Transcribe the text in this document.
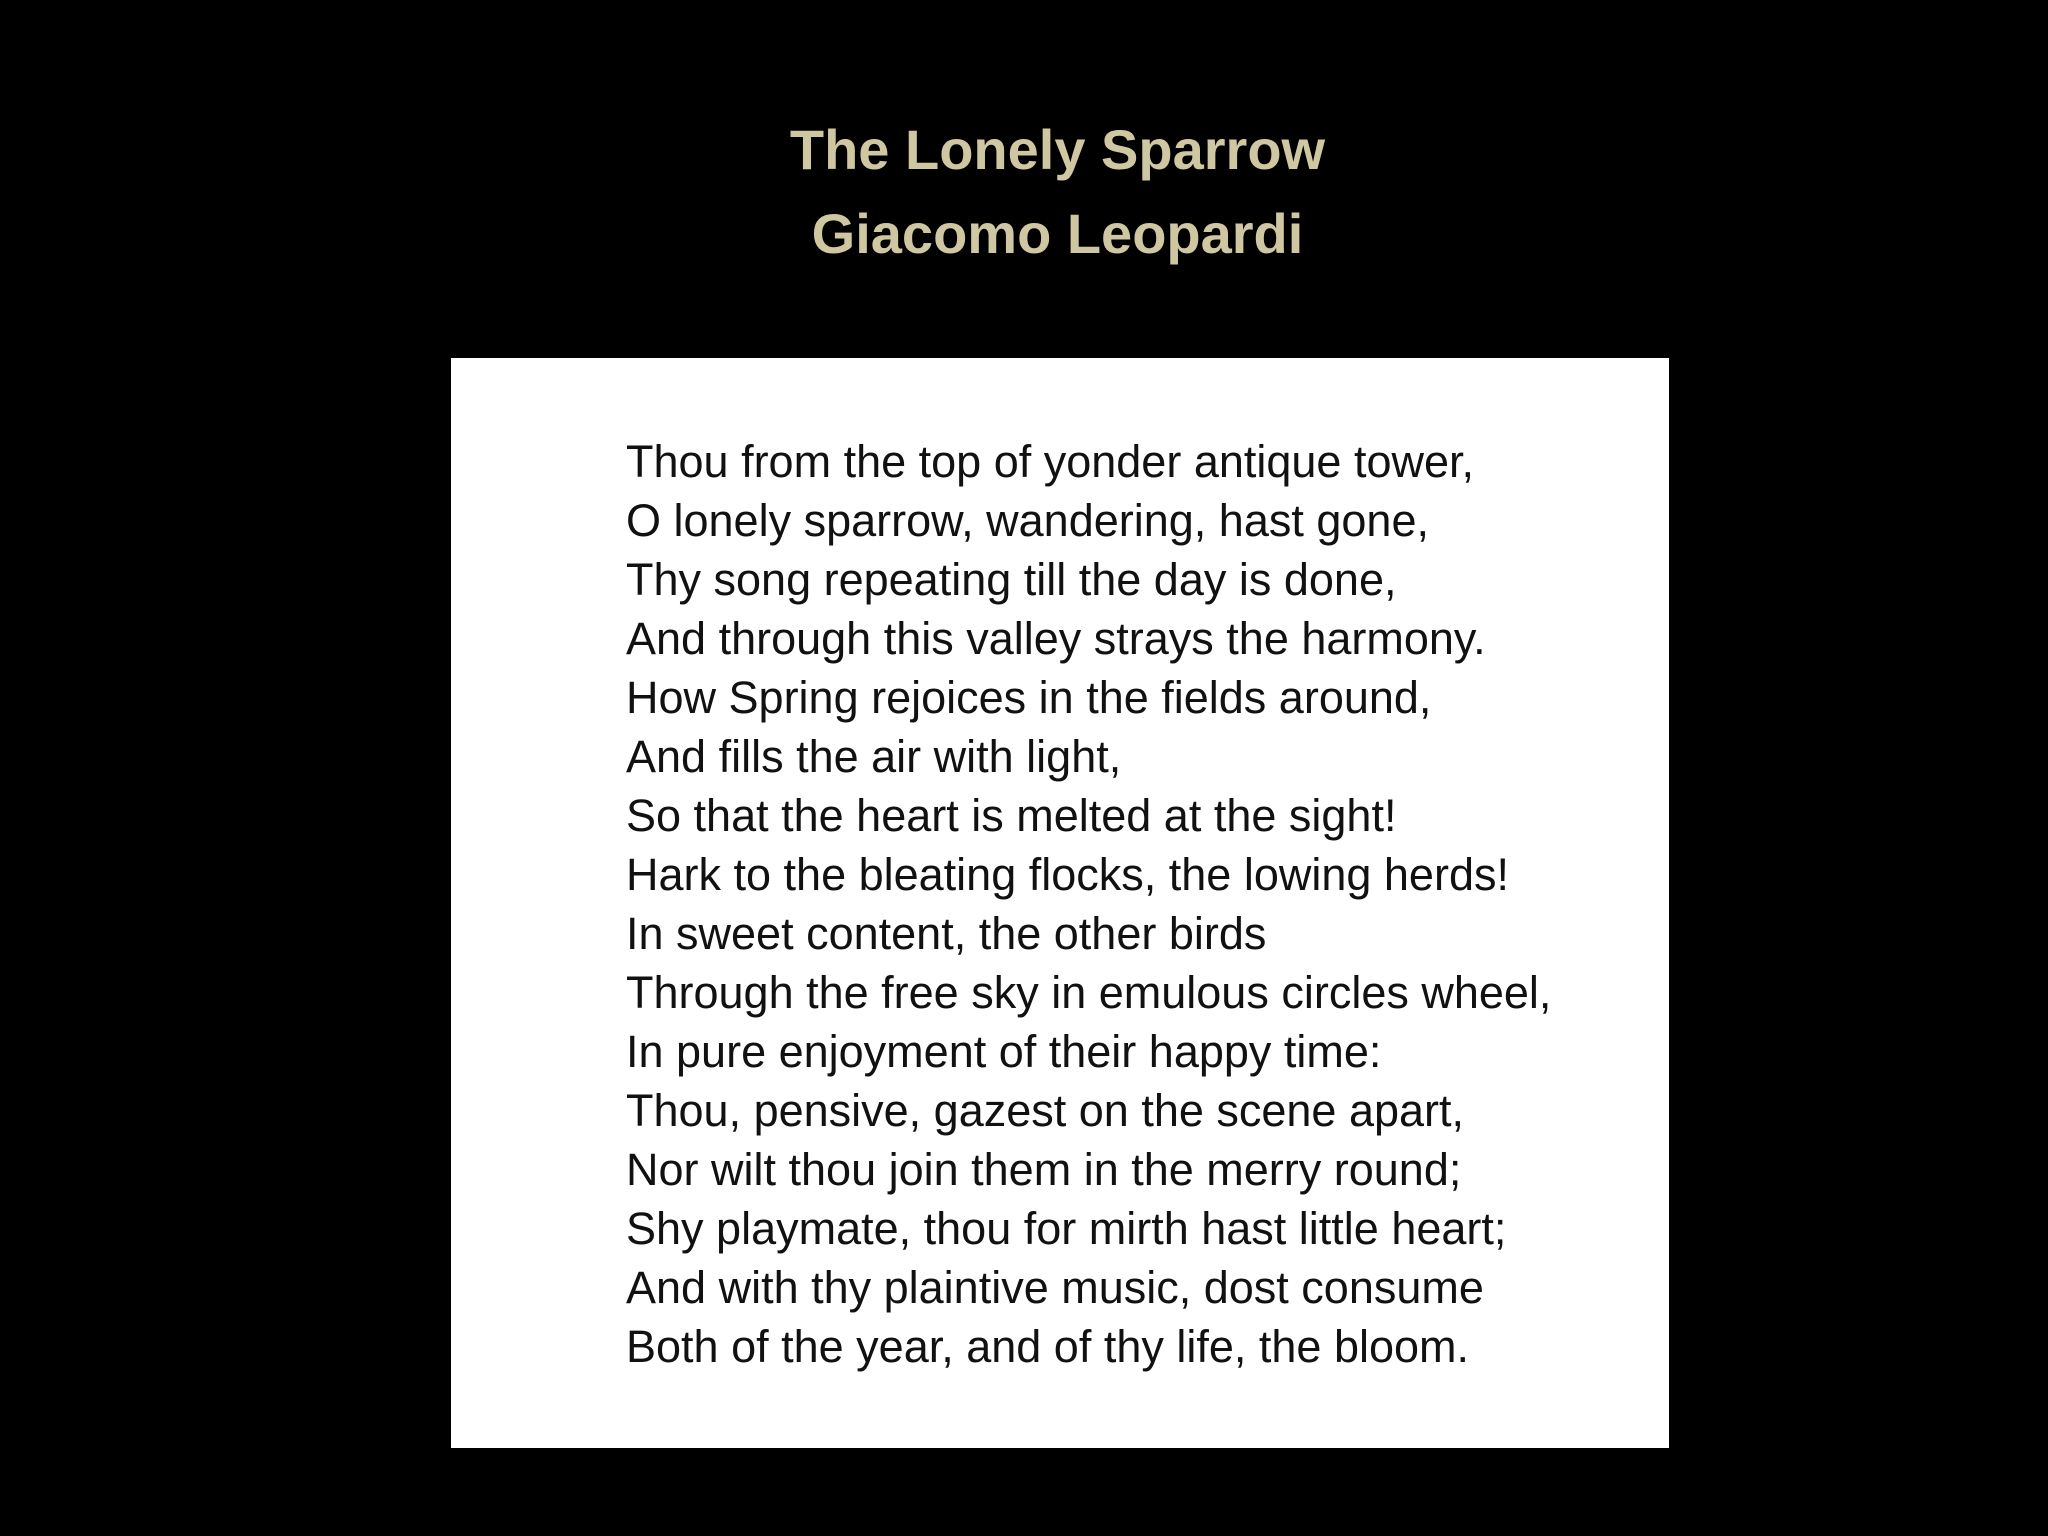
The Lonely Sparrow
Giacomo Leopardi
Thou from the top of yonder antique tower,
O lonely sparrow, wandering, hast gone,
Thy song repeating till the day is done,
And through this valley strays the harmony.
How Spring rejoices in the fields around,
And fills the air with light,
So that the heart is melted at the sight!
Hark to the bleating flocks, the lowing herds!
In sweet content, the other birds
Through the free sky in emulous circles wheel,
In pure enjoyment of their happy time:
Thou, pensive, gazest on the scene apart,
Nor wilt thou join them in the merry round;
Shy playmate, thou for mirth hast little heart;
And with thy plaintive music, dost consume
Both of the year, and of thy life, the bloom.
